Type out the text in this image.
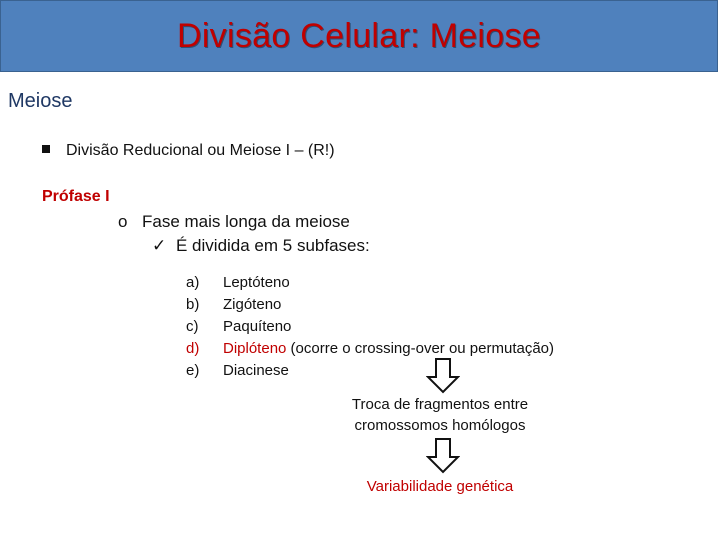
Divisão Celular: Meiose
Meiose
Divisão Reducional ou Meiose I – (R!)
Prófase I
o Fase mais longa da meiose
✓ É dividida em 5 subfases:
a) Leptóteno
b) Zigóteno
c) Paquíteno
d) Diplóteno (ocorre o crossing-over ou permutação)
e) Diacinese
Troca de fragmentos entre
cromossomos homólogos
Variabilidade genética
